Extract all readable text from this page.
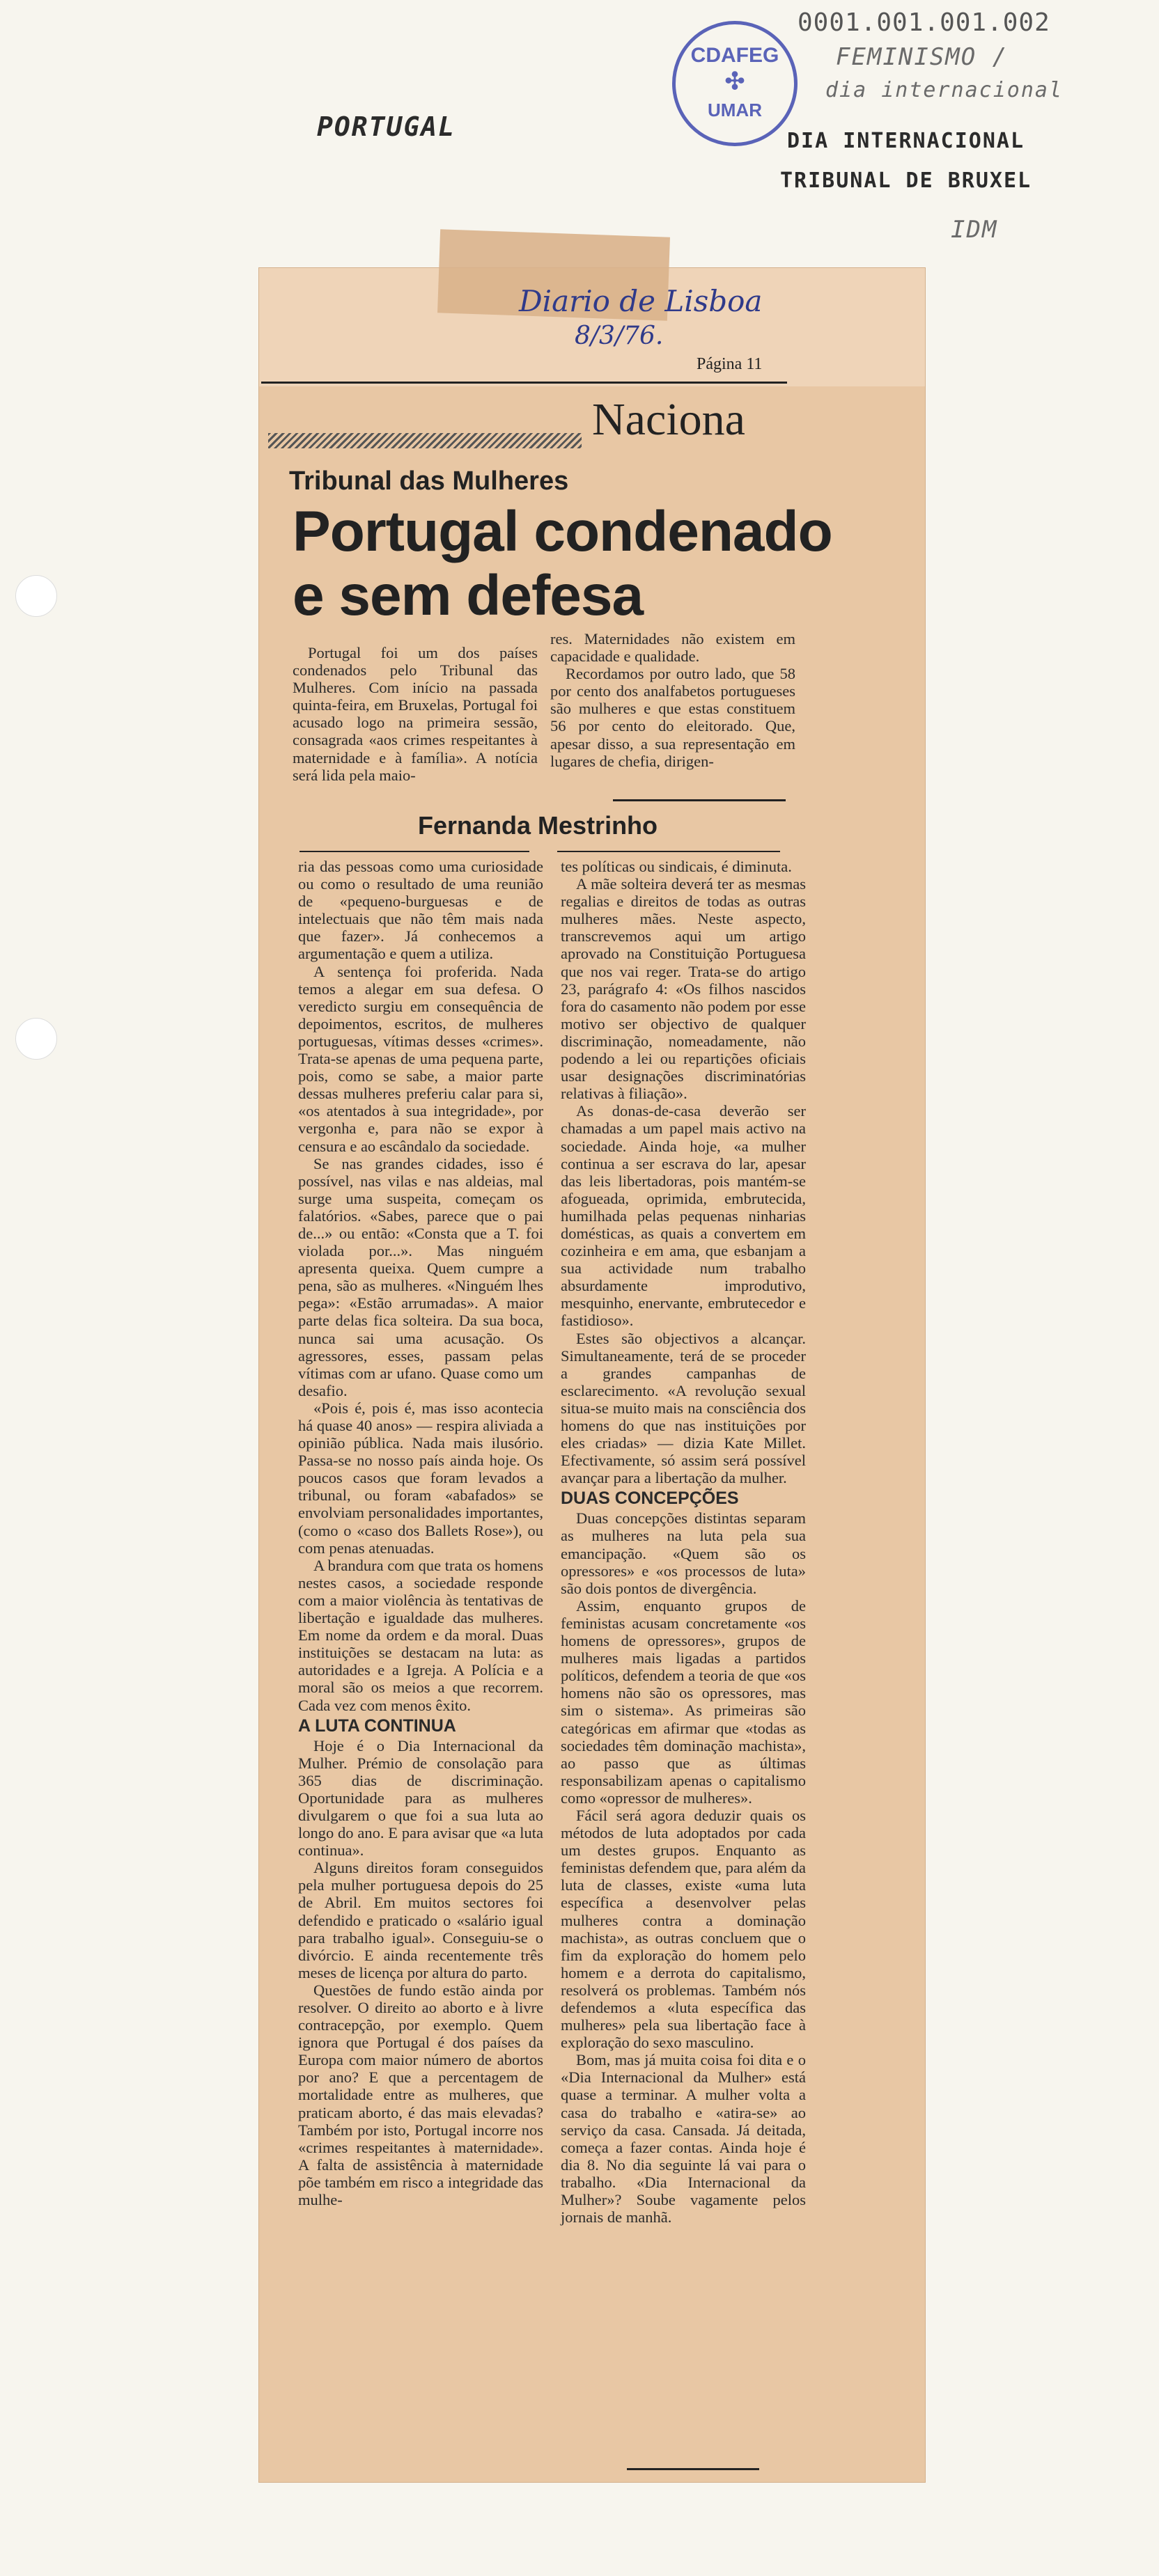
0001.001.001.002
CDAFEG
✣
UMAR
PORTUGAL
FEMINISMO /
dia internacional
DIA INTERNACIONAL
TRIBUNAL DE BRUXEL
IDM
Diario de Lisboa
8/3/76.
Página 11
Naciona
Tribunal das Mulheres
Portugal condenado
e sem defesa

Portugal foi um dos países condenados pelo Tribunal das Mulheres. Com início na passada quinta-feira, em Bruxelas, Portugal foi acusado logo na primeira sessão, consagrada «aos crimes respeitantes à maternidade e à família». A notícia será lida pela maio-

res. Maternidades não existem em capacidade e qualidade.

Recordamos por outro lado, que 58 por cento dos analfabetos portugueses são mulheres e que estas constituem 56 por cento do eleitorado. Que, apesar disso, a sua representação em lugares de chefia, dirigen-

Fernanda Mestrinho

ria das pessoas como uma curiosidade ou como o resultado de uma reunião de «pequeno-burguesas e de intelectuais que não têm mais nada que fazer». Já conhecemos a argumentação e quem a utiliza.

A sentença foi proferida. Nada temos a alegar em sua defesa. O veredicto surgiu em consequência de depoimentos, escritos, de mulheres portuguesas, vítimas desses «crimes». Trata-se apenas de uma pequena parte, pois, como se sabe, a maior parte dessas mulheres preferiu calar para si, «os atentados à sua integridade», por vergonha e, para não se expor à censura e ao escândalo da sociedade.

Se nas grandes cidades, isso é possível, nas vilas e nas aldeias, mal surge uma suspeita, começam os falatórios. «Sabes, parece que o pai de...» ou então: «Consta que a T. foi violada por...». Mas ninguém apresenta queixa. Quem cumpre a pena, são as mulheres. «Ninguém lhes pega»: «Estão arrumadas». A maior parte delas fica solteira. Da sua boca, nunca sai uma acusação. Os agressores, esses, passam pelas vítimas com ar ufano. Quase como um desafio.

«Pois é, pois é, mas isso acontecia há quase 40 anos» — respira aliviada a opinião pública. Nada mais ilusório. Passa-se no nosso país ainda hoje. Os poucos casos que foram levados a tribunal, ou foram «abafados» se envolviam personalidades importantes, (como o «caso dos Ballets Rose»), ou com penas atenuadas.

A brandura com que trata os homens nestes casos, a sociedade responde com a maior violência às tentativas de libertação e igualdade das mulheres. Em nome da ordem e da moral. Duas instituições se destacam na luta: as autoridades e a Igreja. A Polícia e a moral são os meios a que recorrem. Cada vez com menos êxito.

A LUTA CONTINUA

Hoje é o Dia Internacional da Mulher. Prémio de consolação para 365 dias de discriminação. Oportunidade para as mulheres divulgarem o que foi a sua luta ao longo do ano. E para avisar que «a luta continua».

Alguns direitos foram conseguidos pela mulher portuguesa depois do 25 de Abril. Em muitos sectores foi defendido e praticado o «salário igual para trabalho igual». Conseguiu-se o divórcio. E ainda recentemente três meses de licença por altura do parto.

Questões de fundo estão ainda por resolver. O direito ao aborto e à livre contracepção, por exemplo. Quem ignora que Portugal é dos países da Europa com maior número de abortos por ano? E que a percentagem de mortalidade entre as mulheres, que praticam aborto, é das mais elevadas? Também por isto, Portugal incorre nos «crimes respeitantes à maternidade». A falta de assistência à maternidade põe também em risco a integridade das mulhe-

tes políticas ou sindicais, é diminuta.

A mãe solteira deverá ter as mesmas regalias e direitos de todas as outras mulheres mães. Neste aspecto, transcrevemos aqui um artigo aprovado na Constituição Portuguesa que nos vai reger. Trata-se do artigo 23, parágrafo 4: «Os filhos nascidos fora do casamento não podem por esse motivo ser objectivo de qualquer discriminação, nomeadamente, não podendo a lei ou repartições oficiais usar designações discriminatórias relativas à filiação».

As donas-de-casa deverão ser chamadas a um papel mais activo na sociedade. Ainda hoje, «a mulher continua a ser escrava do lar, apesar das leis libertadoras, pois mantém-se afogueada, oprimida, embrutecida, humilhada pelas pequenas ninharias domésticas, as quais a convertem em cozinheira e em ama, que esbanjam a sua actividade num trabalho absurdamente improdutivo, mesquinho, enervante, embrutecedor e fastidioso».

Estes são objectivos a alcançar. Simultaneamente, terá de se proceder a grandes campanhas de esclarecimento. «A revolução sexual situa-se muito mais na consciência dos homens do que nas instituições por eles criadas» — dizia Kate Millet. Efectivamente, só assim será possível avançar para a libertação da mulher.

DUAS CONCEPÇÕES

Duas concepções distintas separam as mulheres na luta pela sua emancipação. «Quem são os opressores» e «os processos de luta» são dois pontos de divergência.

Assim, enquanto grupos de feministas acusam concretamente «os homens de opressores», grupos de mulheres mais ligadas a partidos políticos, defendem a teoria de que «os homens não são os opressores, mas sim o sistema». As primeiras são categóricas em afirmar que «todas as sociedades têm dominação machista», ao passo que as últimas responsabilizam apenas o capitalismo como «opressor de mulheres».

Fácil será agora deduzir quais os métodos de luta adoptados por cada um destes grupos. Enquanto as feministas defendem que, para além da luta de classes, existe «uma luta específica a desenvolver pelas mulheres contra a dominação machista», as outras concluem que o fim da exploração do homem pelo homem e a derrota do capitalismo, resolverá os problemas. Também nós defendemos a «luta específica das mulheres» pela sua libertação face à exploração do sexo masculino.

Bom, mas já muita coisa foi dita e o «Dia Internacional da Mulher» está quase a terminar. A mulher volta a casa do trabalho e «atira-se» ao serviço da casa. Cansada. Já deitada, começa a fazer contas. Ainda hoje é dia 8. No dia seguinte lá vai para o trabalho. «Dia Internacional da Mulher»? Soube vagamente pelos jornais de manhã.
